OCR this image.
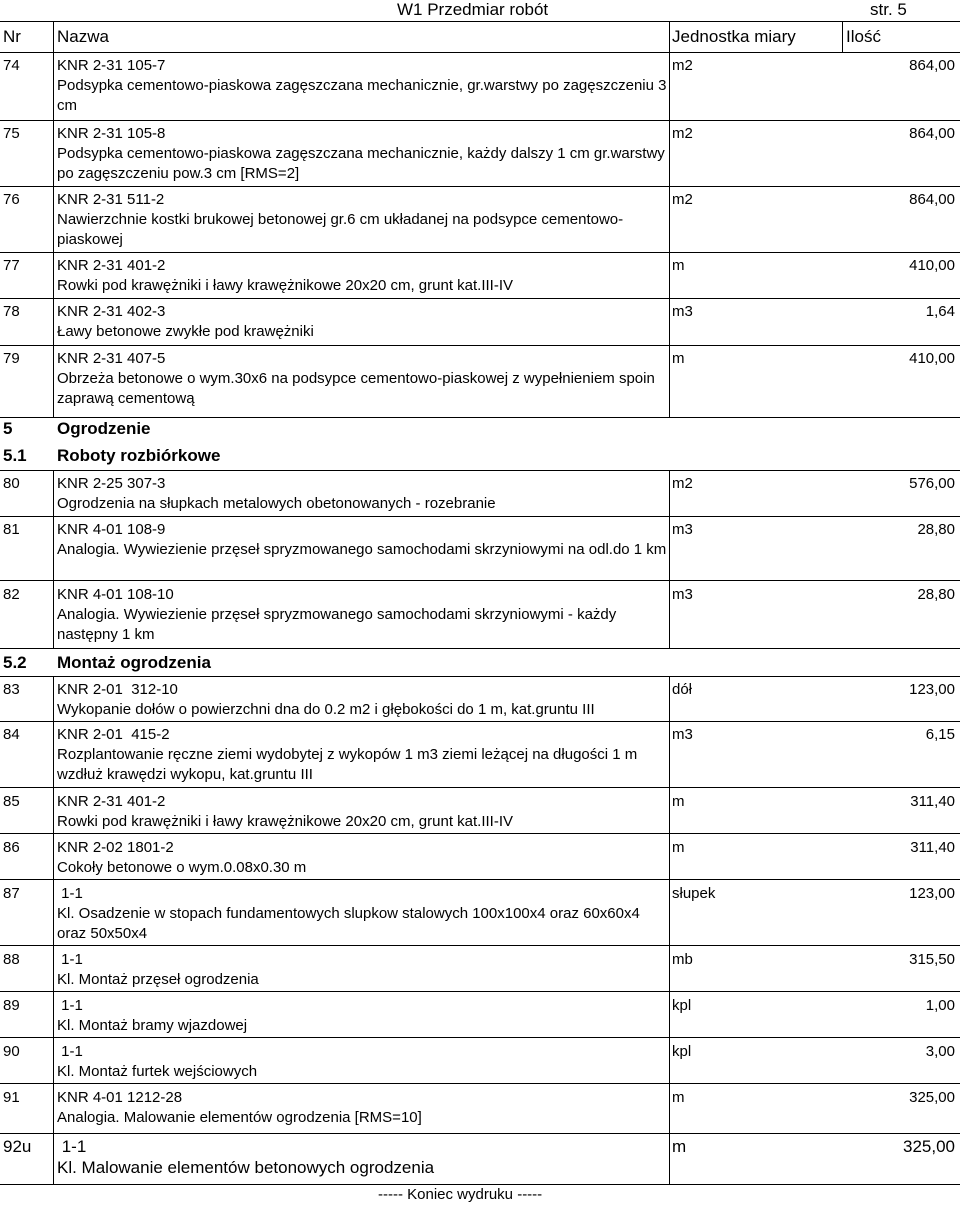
W1 Przedmiar robót	str. 5
Nr Nazwa	Jednostka miary	Ilość
74 KNR 2-31 105-7
Podsypka cementowo-piaskowa zagęszczana mechanicznie, gr.warstwy po zagęszczeniu 3 cm
m2	864,00
75 KNR 2-31 105-8
Podsypka cementowo-piaskowa zagęszczana mechanicznie, każdy dalszy 1 cm gr.warstwy po zagęszczeniu pow.3 cm [RMS=2]
m2	864,00
76 KNR 2-31 511-2
Nawierzchnie kostki brukowej betonowej gr.6 cm układanej na podsypce cementowo-piaskowej
m2	864,00
77 KNR 2-31 401-2
Rowki pod krawężniki i ławy krawężnikowe 20x20 cm, grunt kat.III-IV
m	410,00
78 KNR 2-31 402-3
Ławy betonowe zwykłe pod krawężniki
m3	1,64
79 KNR 2-31 407-5
Obrzeża betonowe o wym.30x6 na podsypce cementowo-piaskowej z wypełnieniem spoin zaprawą cementową
m	410,00
5	Ogrodzenie
5.1 Roboty rozbiórkowe
80 KNR 2-25 307-3
Ogrodzenia na słupkach metalowych obetonowanych - rozebranie
m2	576,00
81 KNR 4-01 108-9
Analogia. Wywiezienie przęseł spryzmowanego samochodami skrzyniowymi na odl.do 1 km
m3	28,80
82 KNR 4-01 108-10
Analogia. Wywiezienie przęseł spryzmowanego samochodami skrzyniowymi - każdy następny 1 km
m3	28,80
5.2 Montaż ogrodzenia
83 KNR 2-01  312-10
Wykopanie dołów o powierzchni dna do 0.2 m2 i głębokości do 1 m, kat.gruntu III
dół	123,00
84 KNR 2-01  415-2
Rozplantowanie ręczne ziemi wydobytej z wykopów 1 m3 ziemi leżącej na długości 1 m wzdłuż krawędzi wykopu, kat.gruntu III
m3	6,15
85 KNR 2-31 401-2
Rowki pod krawężniki i ławy krawężnikowe 20x20 cm, grunt kat.III-IV
m	311,40
86 KNR 2-02 1801-2
Cokoły betonowe o wym.0.08x0.30 m
m	311,40
87 1-1
Kl. Osadzenie w stopach fundamentowych slupkow stalowych 100x100x4 oraz 60x60x4 oraz 50x50x4
słupek	123,00
88 1-1
Kl. Montaż przęseł ogrodzenia
mb	315,50
89 1-1
Kl. Montaż bramy wjazdowej
kpl	1,00
90 1-1
Kl. Montaż furtek wejściowych
kpl	3,00
91 KNR 4-01 1212-28
Analogia. Malowanie elementów ogrodzenia [RMS=10]
m	325,00
92u 1-1
Kl. Malowanie elementów betonowych ogrodzenia
m	325,00
----- Koniec wydruku -----
